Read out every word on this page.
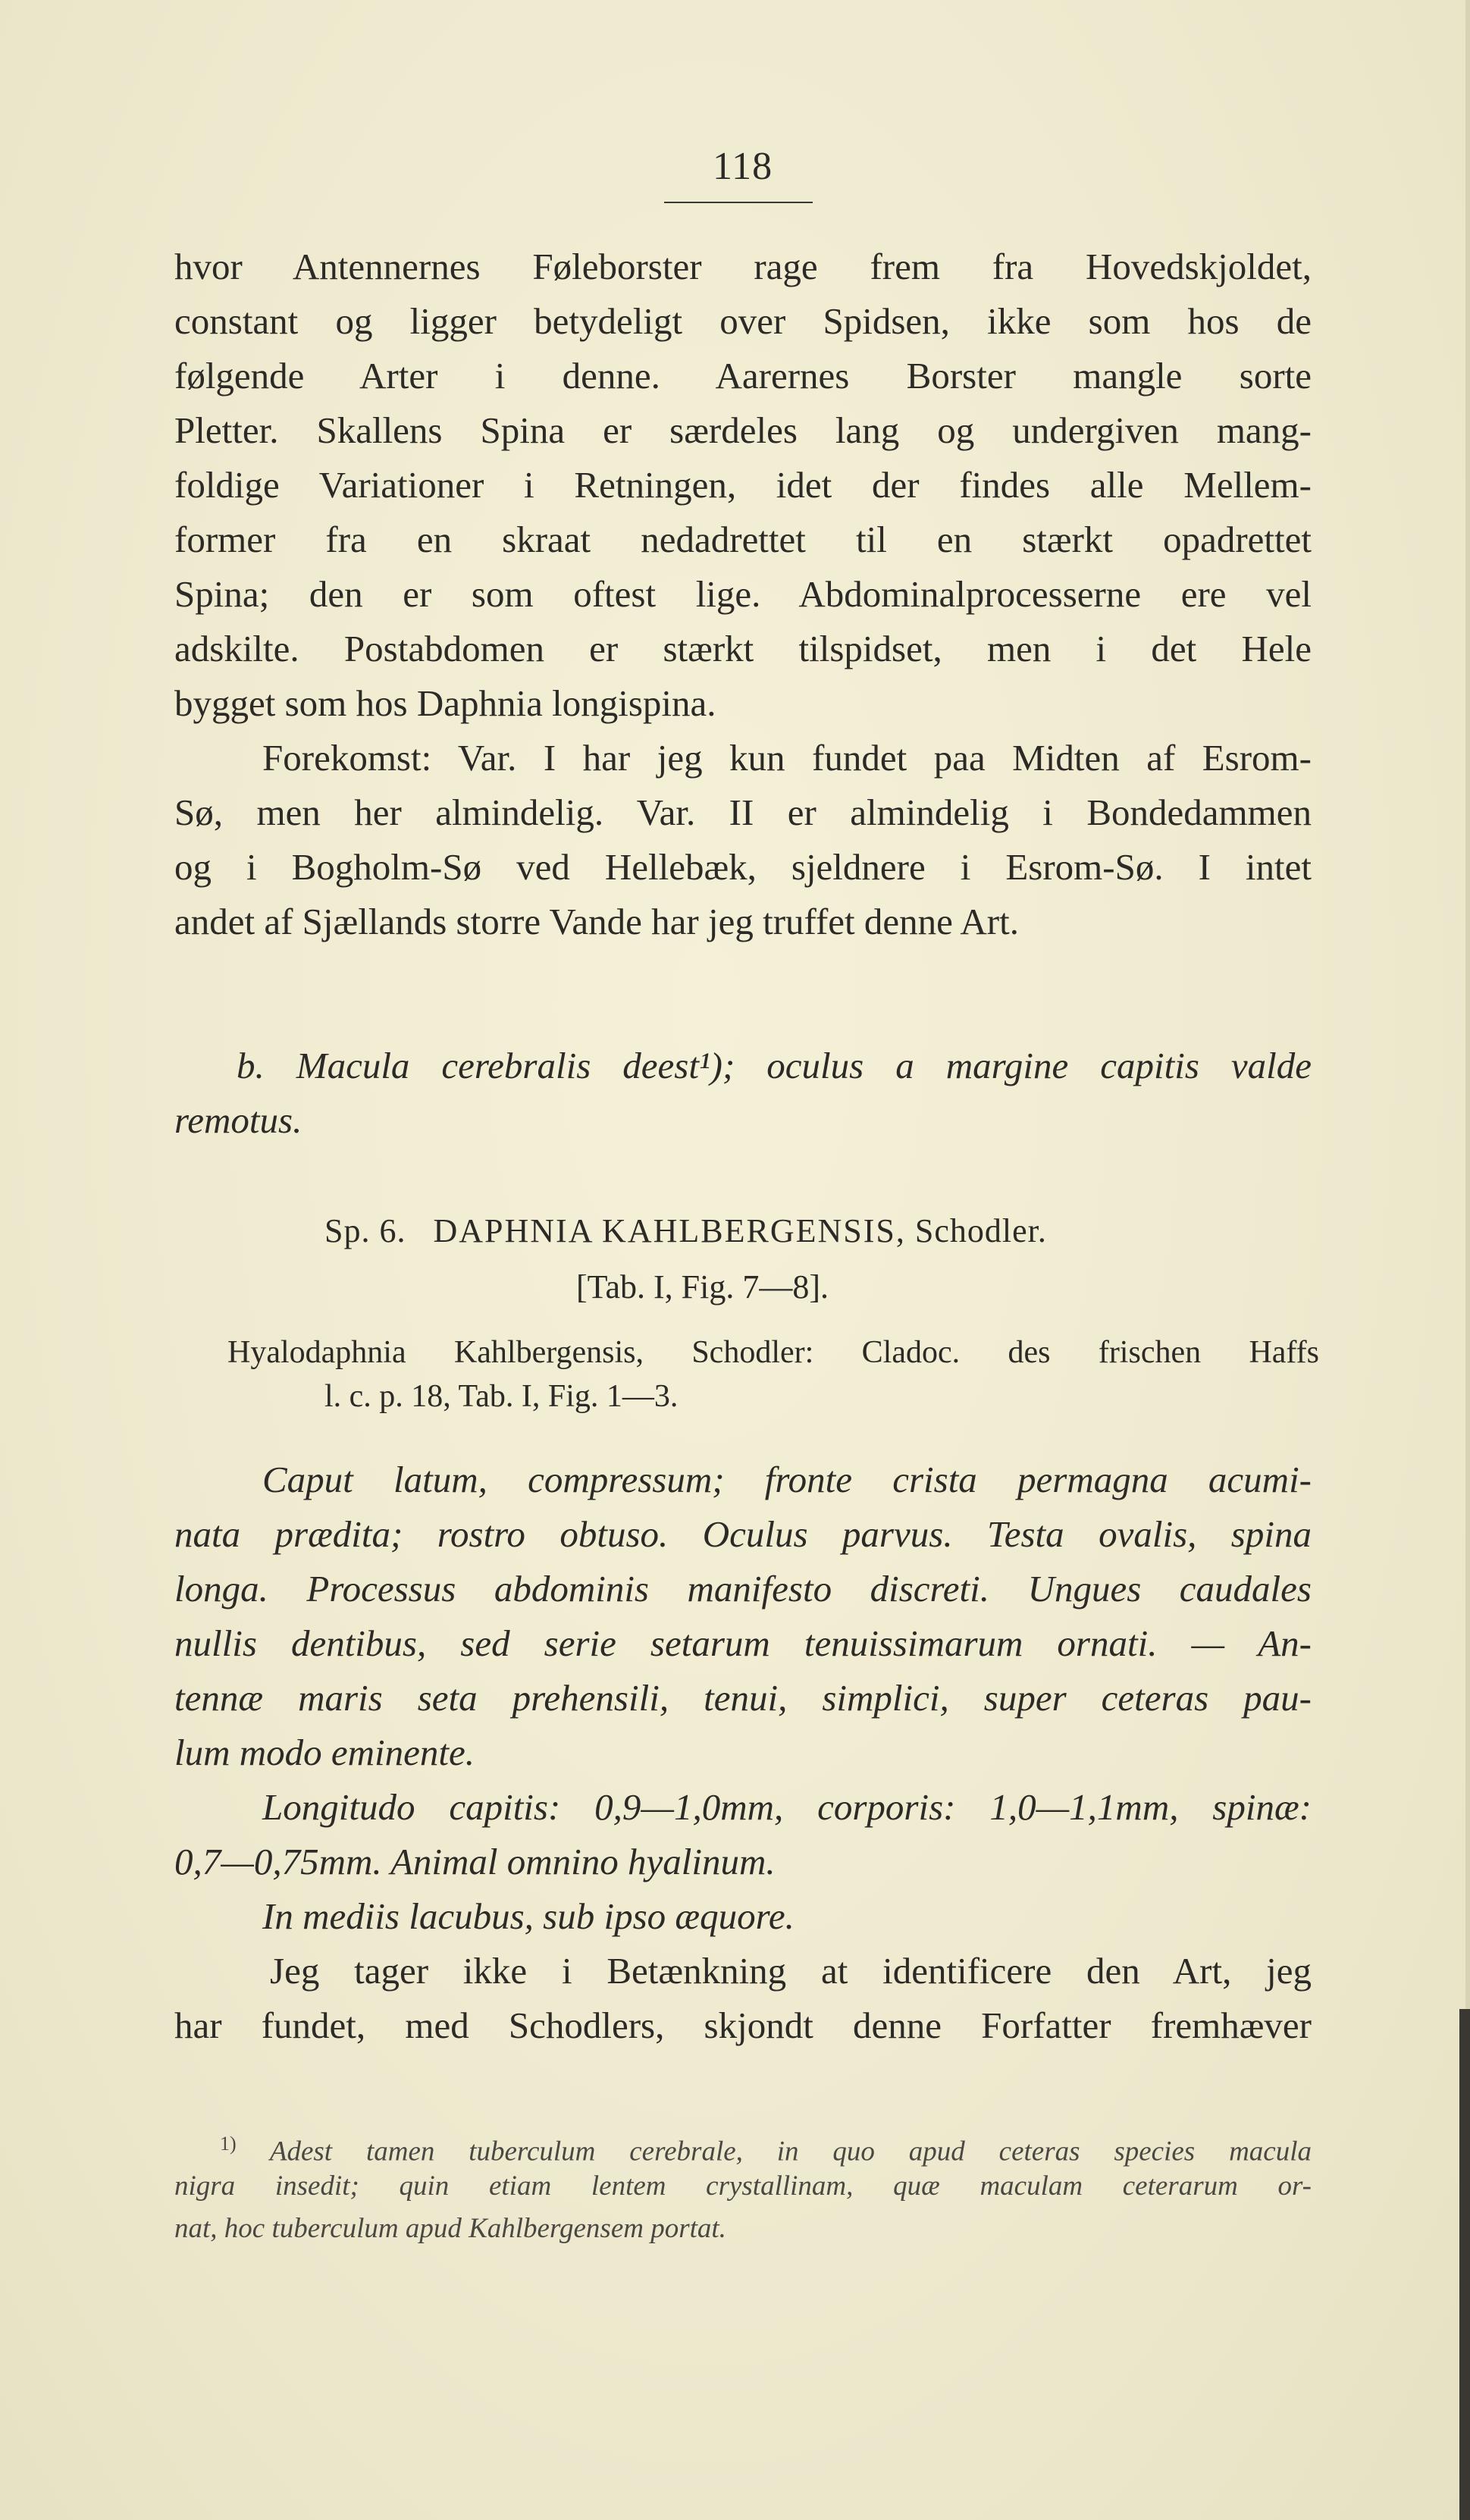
118
hvor Antennernes Føleborster rage frem fra Hovedskjoldet,
constant og ligger betydeligt over Spidsen, ikke som hos de
følgende Arter i denne. Aarernes Borster mangle sorte
Pletter. Skallens Spina er særdeles lang og undergiven mang-
foldige Variationer i Retningen, idet der findes alle Mellem-
former fra en skraat nedadrettet til en stærkt opadrettet
Spina; den er som oftest lige. Abdominalprocesserne ere vel
adskilte. Postabdomen er stærkt tilspidset, men i det Hele
bygget som hos Daphnia longispina.
Forekomst: Var. I har jeg kun fundet paa Midten af Esrom-
Sø, men her almindelig. Var. II er almindelig i Bondedammen
og i Bogholm-Sø ved Hellebæk, sjeldnere i Esrom-Sø. I intet
andet af Sjællands storre Vande har jeg truffet denne Art.
b. Macula cerebralis deest¹); oculus a margine capitis valde
remotus.
Sp. 6. DAPHNIA KAHLBERGENSIS, Schodler.
[Tab. I, Fig. 7—8].
Hyalodaphnia Kahlbergensis, Schodler: Cladoc. des frischen Haffs
l. c. p. 18, Tab. I, Fig. 1—3.
Caput latum, compressum; fronte crista permagna acumi-
nata prædita; rostro obtuso. Oculus parvus. Testa ovalis, spina
longa. Processus abdominis manifesto discreti. Ungues caudales
nullis dentibus, sed serie setarum tenuissimarum ornati. — An-
tennæ maris seta prehensili, tenui, simplici, super ceteras pau-
lum modo eminente.
Longitudo capitis: 0,9—1,0mm, corporis: 1,0—1,1mm, spinæ:
0,7—0,75mm. Animal omnino hyalinum.
In mediis lacubus, sub ipso æquore.
Jeg tager ikke i Betænkning at identificere den Art, jeg
har fundet, med Schodlers, skjondt denne Forfatter fremhæver
$^{1)}$ Adest tamen tuberculum cerebrale, in quo apud ceteras species macula
nigra insedit; quin etiam lentem crystallinam, quæ maculam ceterarum or-
nat, hoc tuberculum apud Kahlbergensem portat.
